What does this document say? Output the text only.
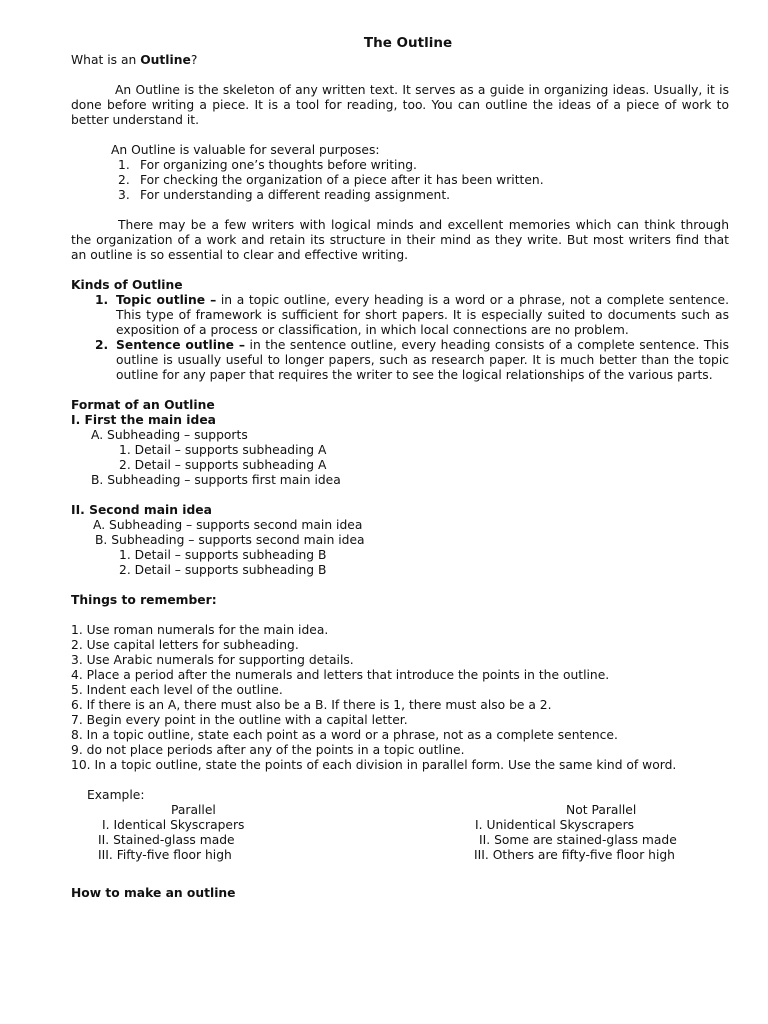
The Outline
What is an Outline?
An Outline is the skeleton of any written text. It serves as a guide in organizing ideas. Usually, it is done before writing a piece. It is a tool for reading, too. You can outline the ideas of a piece of work to better understand it.
An Outline is valuable for several purposes:
1. For organizing one’s thoughts before writing.
2. For checking the organization of a piece after it has been written.
3. For understanding a different reading assignment.
There may be a few writers with logical minds and excellent memories which can think through the organization of a work and retain its structure in their mind as they write. But most writers find that an outline is so essential to clear and effective writing.
Kinds of Outline
1. Topic outline – in a topic outline, every heading is a word or a phrase, not a complete sentence. This type of framework is sufficient for short papers. It is especially suited to documents such as exposition of a process or classification, in which local connections are no problem.
2. Sentence outline – in the sentence outline, every heading consists of a complete sentence. This outline is usually useful to longer papers, such as research paper. It is much better than the topic outline for any paper that requires the writer to see the logical relationships of the various parts.
Format of an Outline
I. First the main idea
A. Subheading – supports
1. Detail – supports subheading A
2. Detail – supports subheading A
B. Subheading – supports first main idea
II. Second main idea
A. Subheading – supports second main idea
B. Subheading – supports second main idea
1. Detail – supports subheading B
2. Detail – supports subheading B
Things to remember:
1. Use roman numerals for the main idea.
2. Use capital letters for subheading.
3. Use Arabic numerals for supporting details.
4. Place a period after the numerals and letters that introduce the points in the outline.
5. Indent each level of the outline.
6. If there is an A, there must also be a B. If there is 1, there must also be a 2.
7. Begin every point in the outline with a capital letter.
8. In a topic outline, state each point as a word or a phrase, not as a complete sentence.
9. do not place periods after any of the points in a topic outline.
10. In a topic outline, state the points of each division in parallel form. Use the same kind of word.
Example:
Parallel
I. Identical Skyscrapers
II. Stained-glass made
III. Fifty-five floor high
Not Parallel
I. Unidentical Skyscrapers
II. Some are stained-glass made
III. Others are fifty-five floor high
How to make an outline
